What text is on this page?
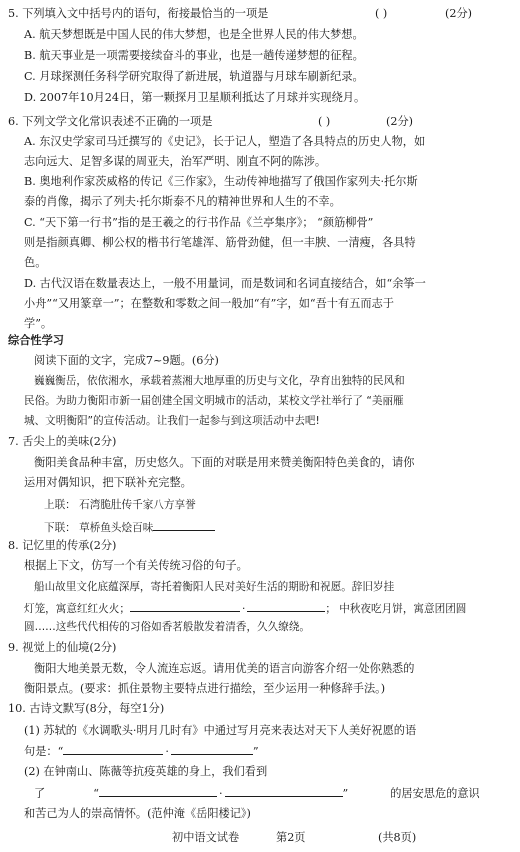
5. 下列填入文中括号内的语句，衔接最恰当的一项是	( )	(2分)
A. 航天梦想既是中国人民的伟大梦想，也是全世界人民的伟大梦想。
B. 航天事业是一项需要接续奋斗的事业，也是一趟传递梦想的征程。
C. 月球探测任务科学研究取得了新进展，轨道器与月球车刷新纪录。
D. 2007年10月24日，第一颗探月卫星顺利抵达了月球并实现绕月。
6. 下列文学文化常识表述不正确的一项是	( )	(2分)
A. 东汉史学家司马迁撰写的《史记》，长于记人，塑造了各具特点的历史人物，如
志向远大、足智多谋的周亚夫，治军严明、刚直不阿的陈涉。
B. 奥地利作家茨威格的传记《三作家》，生动传神地描写了俄国作家列夫·托尔斯
泰的肖像，揭示了列夫·托尔斯泰不凡的精神世界和人生的不幸。
C. “天下第一行书”指的是王羲之的行书作品《兰亭集序》； “颜筋柳骨”
则是指颜真卿、柳公权的楷书行笔雄浑、筋骨劲健，但一丰腴、一清瘦，各具特
色。
D. 古代汉语在数量表达上，一般不用量词，而是数词和名词直接结合，如“余筝一
小舟”“又用篆章一”；在整数和零数之间一般加“有”字，如“吾十有五而志于
学”。
综合性学习
阅读下面的文字，完成7~9题。(6分)
巍巍衡岳，依依湘水，承载着蒸湘大地厚重的历史与文化，孕育出独特的民风和
民俗。为助力衡阳市新一届创建全国文明城市的活动，某校文学社举行了 “美丽雁
城、文明衡阳”的宣传活动。让我们一起参与到这项活动中去吧!
7. 舌尖上的美味(2分)
衡阳美食品种丰富，历史悠久。下面的对联是用来赞美衡阳特色美食的，请你
运用对偶知识，把下联补充完整。
上联： 石湾脆肚传千家八方享誉
下联： 草桥鱼头烩百味
8. 记忆里的传承(2分)
根据上下文，仿写一个有关传统习俗的句子。
船山故里文化底蕴深厚，寄托着衡阳人民对美好生活的期盼和祝愿。辞旧岁挂
灯笼，寓意红红火火；	·	； 中秋夜吃月饼，寓意团团圆
圆……这些代代相传的习俗如香茗般散发着清香，久久缭绕。
9. 视觉上的仙境(2分)
衡阳大地美景无数，令人流连忘返。请用优美的语言向游客介绍一处你熟悉的
衡阳景点。(要求：抓住景物主要特点进行描绘，至少运用一种修辞手法。)
10. 古诗文默写(8分，每空1分)
(1) 苏轼的《水调歌头·明月几时有》中通过写月亮来表达对天下人美好祝愿的语
句是：“	·	”
(2) 在钟南山、陈薇等抗疫英雄的身上，我们看到
了	“	·	”	的居安思危的意识
和苦己为人的崇高情怀。(范仲淹《岳阳楼记》)
初中语文试卷	第2页	(共8页)
